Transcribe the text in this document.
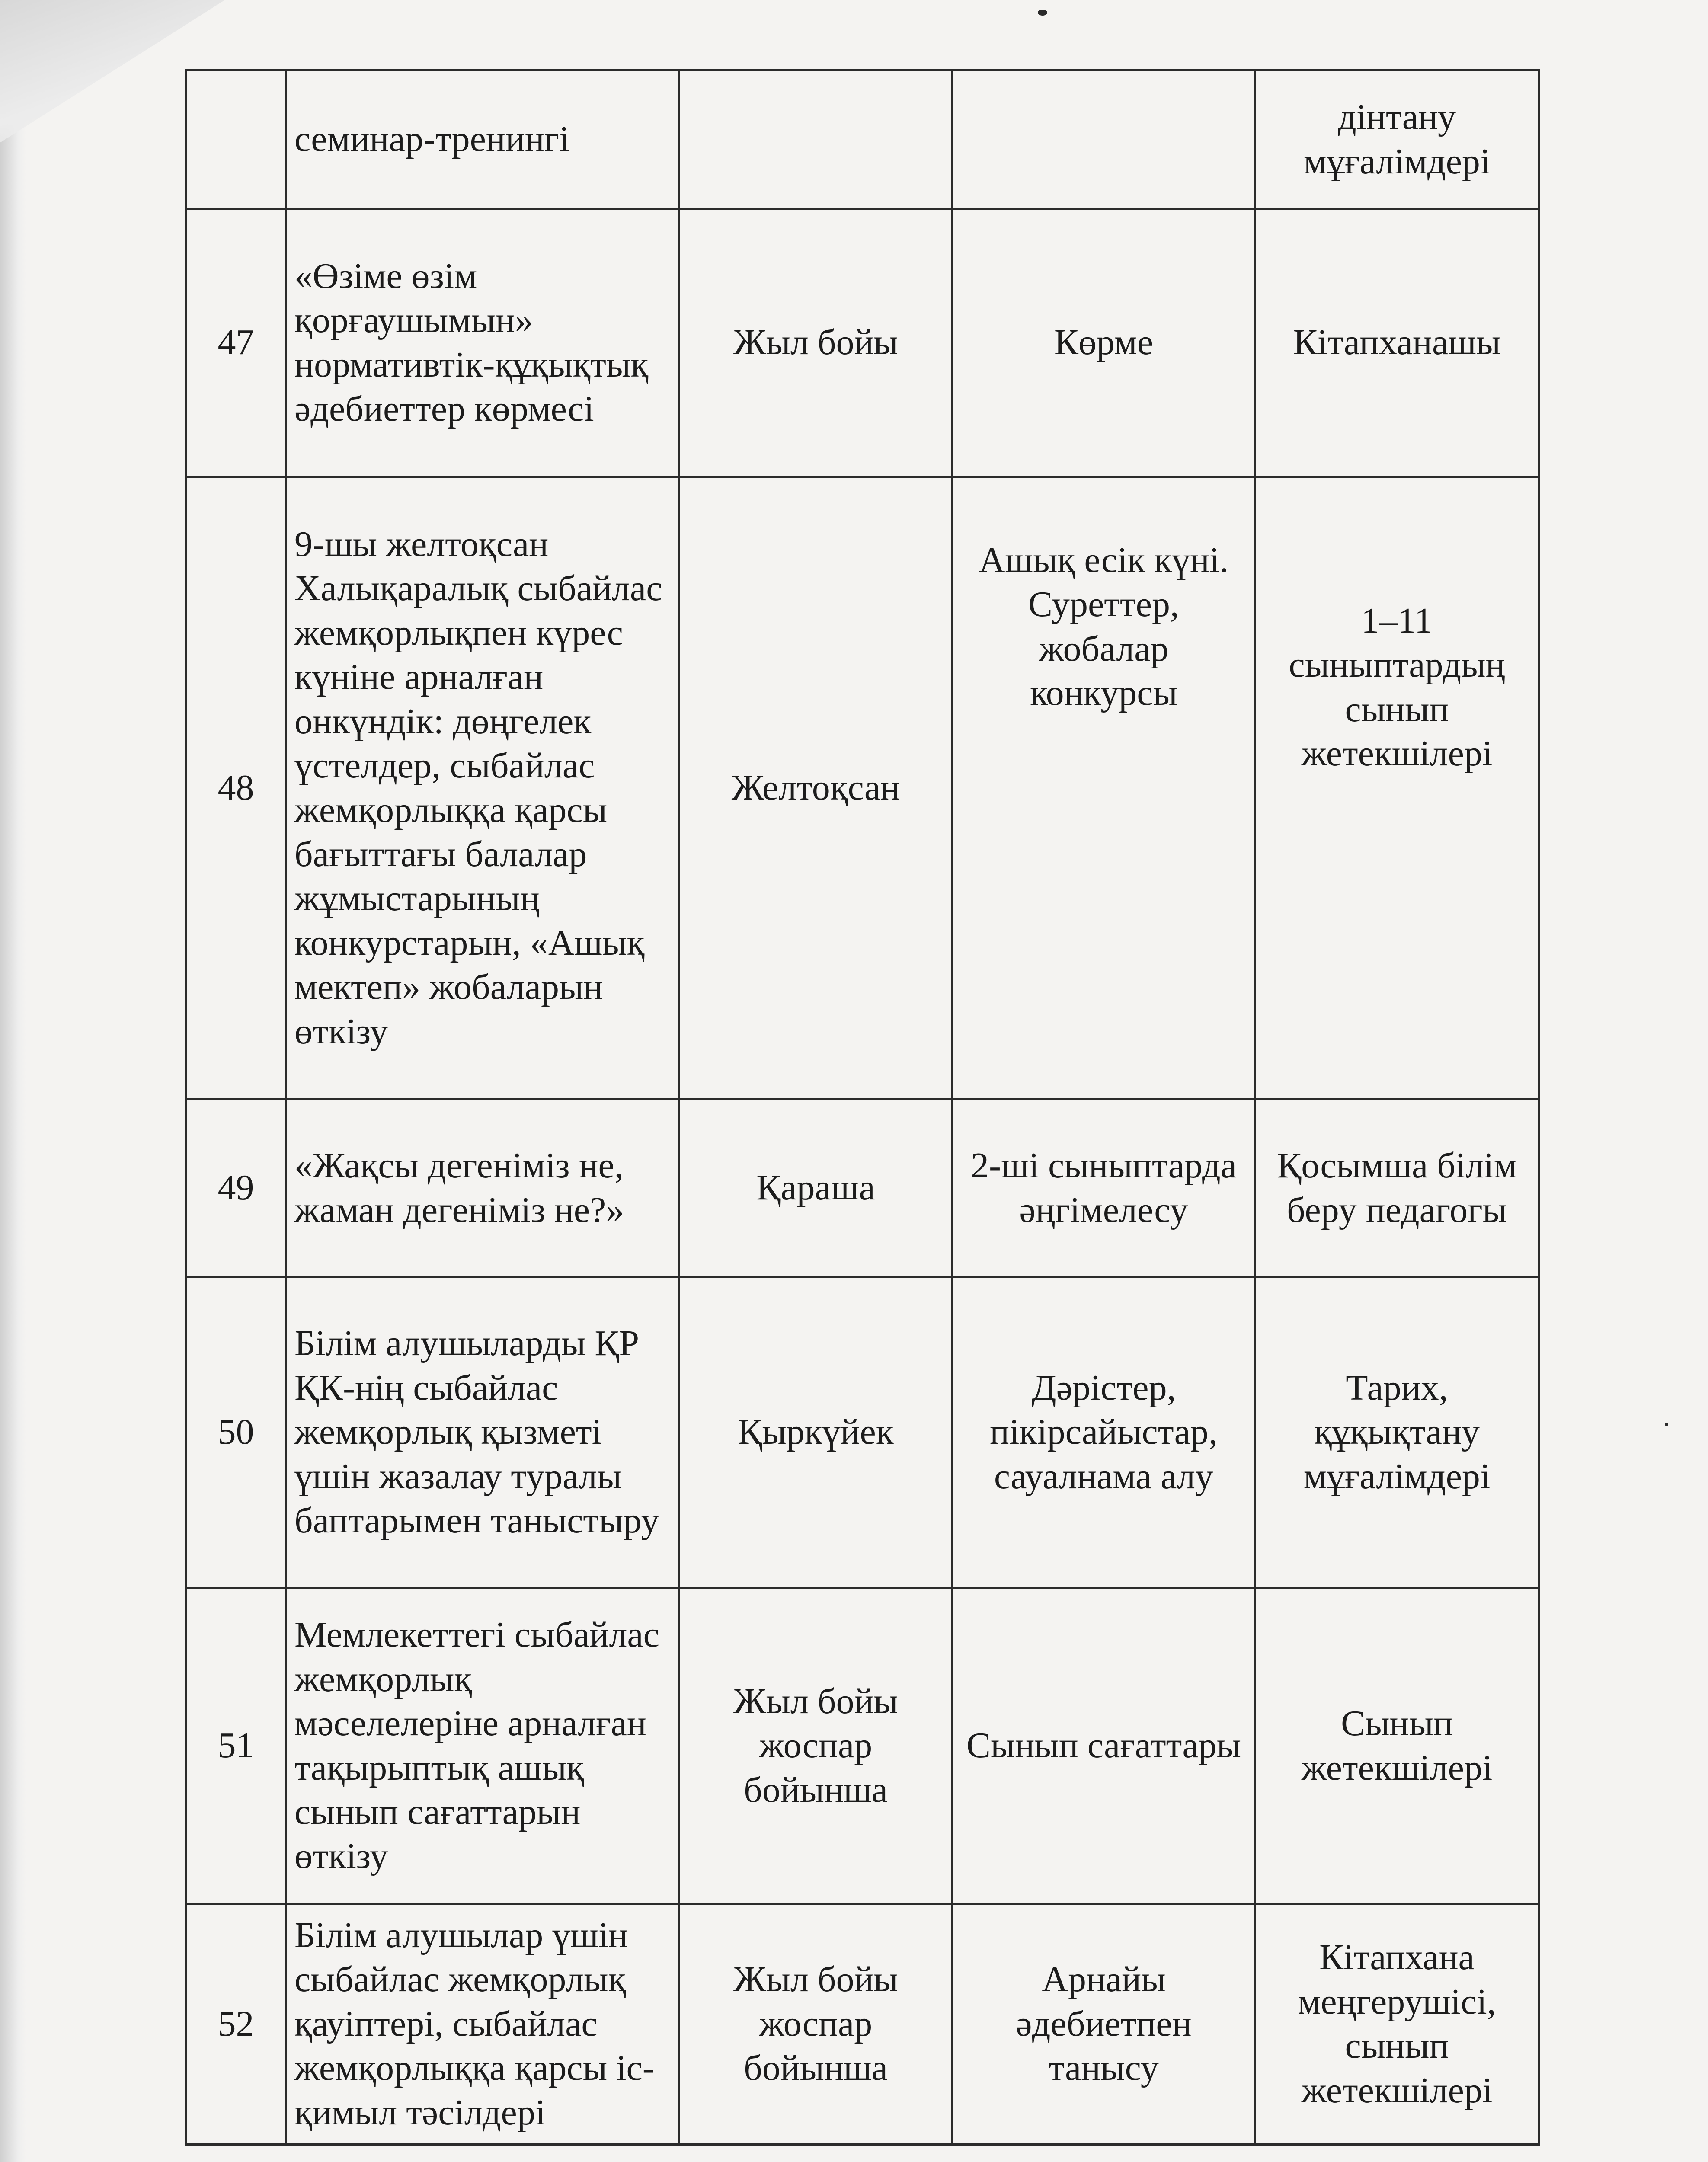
	семинар-тренингі			дінтану мұғалімдері
47	«Өзіме өзім қорғаушымын» нормативтік-құқықтық әдебиеттер көрмесі	Жыл бойы	Көрме	Кітапханашы
48	9-шы желтоқсан Халықаралық сыбайлас жемқорлықпен күрес күніне арналған онкүндік: дөңгелек үстелдер, сыбайлас жемқорлыққа қарсы бағыттағы балалар жұмыстарының конкурстарын, «Ашық мектеп» жобаларын өткізу	Желтоқсан	Ашық есік күні. Суреттер, жобалар конкурсы	1–11 сыныптардың сынып жетекшілері
49	«Жақсы дегеніміз не, жаман дегеніміз не?»	Қараша	2-ші сыныптарда әңгімелесу	Қосымша білім беру педагогы
50	Білім алушыларды ҚР ҚК-нің сыбайлас жемқорлық қызметі үшін жазалау туралы баптарымен таныстыру	Қыркүйек	Дәрістер, пікірсайыстар, сауалнама алу	Тарих, құқықтану мұғалімдері
51	Мемлекеттегі сыбайлас жемқорлық мәселелеріне арналған тақырыптық ашық сынып сағаттарын өткізу	Жыл бойы жоспар бойынша	Сынып сағаттары	Сынып жетекшілері
52	Білім алушылар үшін сыбайлас жемқорлық қауіптері, сыбайлас жемқорлыққа қарсы іс-қимыл тәсілдері	Жыл бойы жоспар бойынша	Арнайы әдебиетпен танысу	Кітапхана меңгерушісі, сынып жетекшілері
